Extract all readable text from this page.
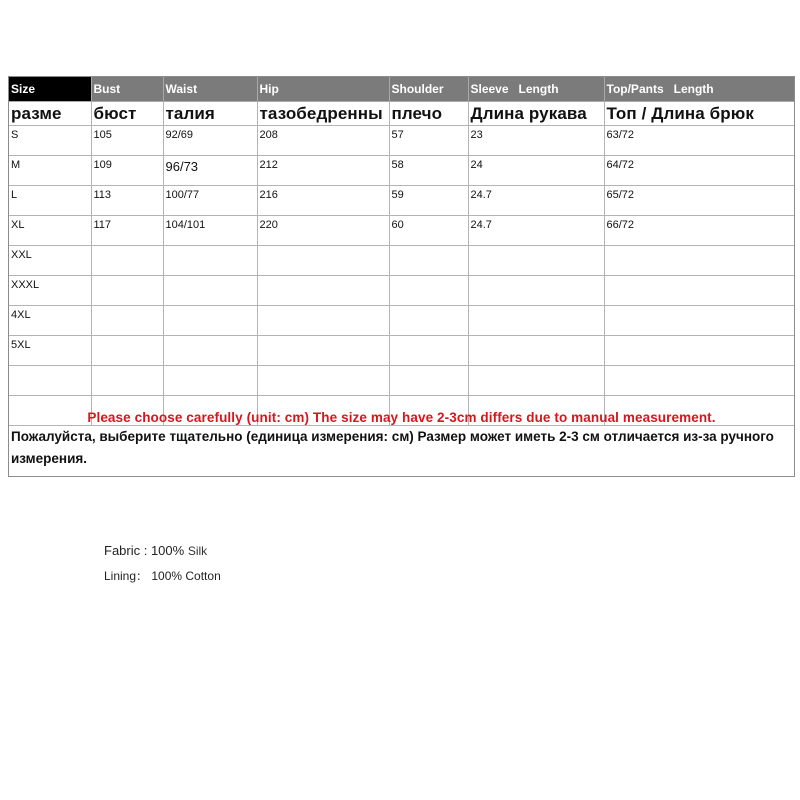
Size	Bust	Waist	Hip	Shoulder	Sleeve   Length	Top/Pants   Length
разме	бюст	талия	тазобедренны	плечо	Длина рукава	Топ / Длина брюк
S	105	92/69	208	57	23	63/72
M	109	96/73	212	58	24	64/72
L	113	100/77	216	59	24.7	65/72
XL	117	104/101	220	60	24.7	66/72
XXL						
XXXL						
4XL						
5XL						

Please choose carefully (unit: cm) The size may have 2-3cm differs due to manual measurement.
Пожалуйста, выберите тщательно (единица измерения: см) Размер может иметь 2-3 см отличается из-за ручного измерения.
Fabric : 100% Silk
Lining： 100% Cotton
